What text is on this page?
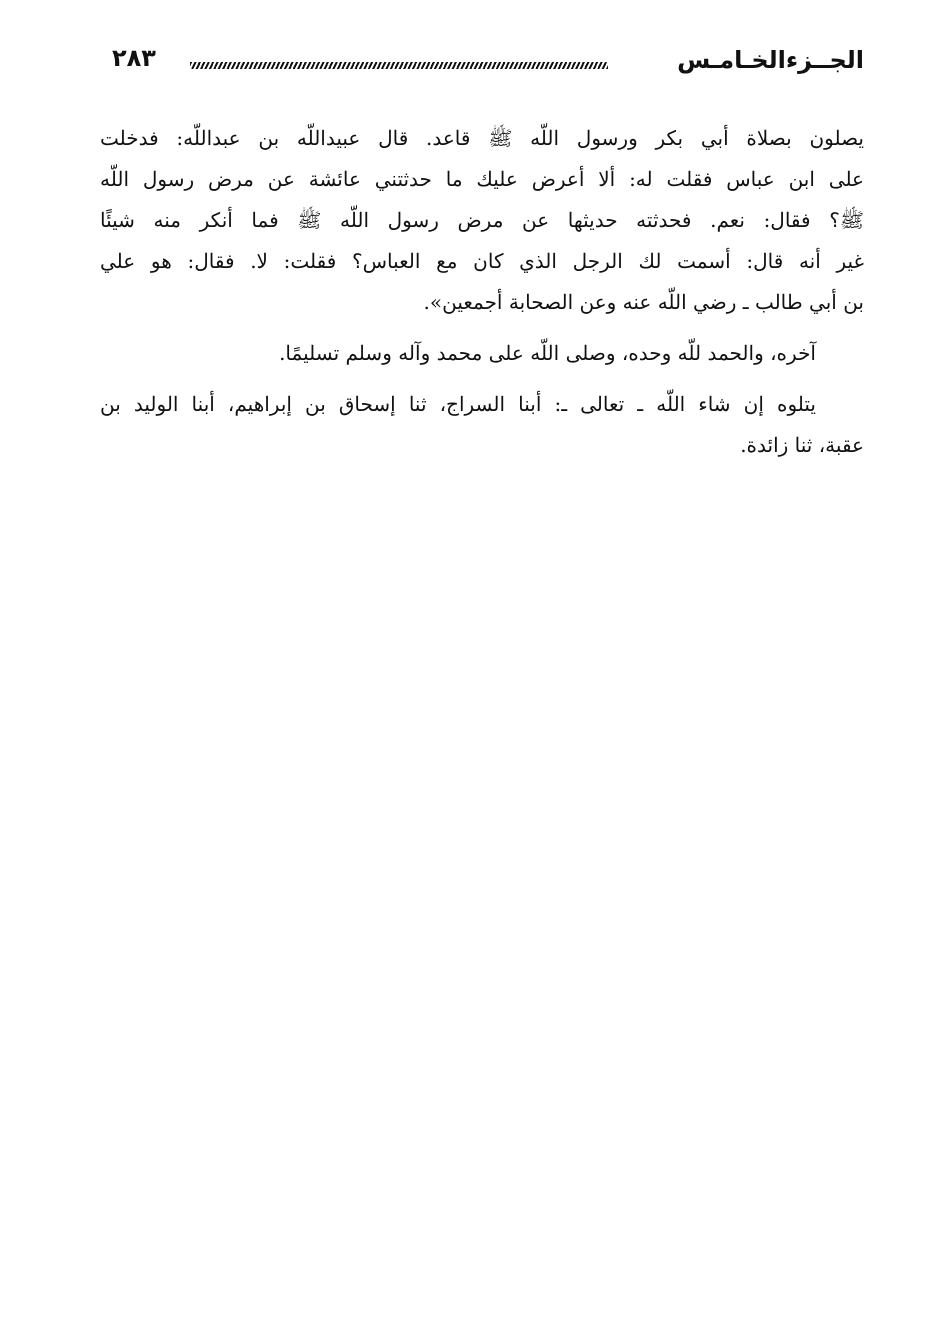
٢٨٣	الجــزءالخـامـس
يصلون بصلاة أبي بكر ورسول اللّه ﷺ قاعد. قال عبيداللّه بن عبداللّه: فدخلت
على ابن عباس فقلت له: ألا أعرض عليك ما حدثتني عائشة عن مرض رسول اللّه
ﷺ؟ فقال: نعم. فحدثته حديثها عن مرض رسول اللّه ﷺ فما أنكر منه شيئًا
غير أنه قال: أسمت لك الرجل الذي كان مع العباس؟ فقلت: لا. فقال: هو علي
بن أبي طالب ـ رضي اللّه عنه وعن الصحابة أجمعين».
آخره، والحمد للّه وحده، وصلى اللّه على محمد وآله وسلم تسليمًا.
يتلوه إن شاء اللّه ـ تعالى ـ: أبنا السراج، ثنا إسحاق بن إبراهيم، أبنا الوليد بن
عقبة، ثنا زائدة.
